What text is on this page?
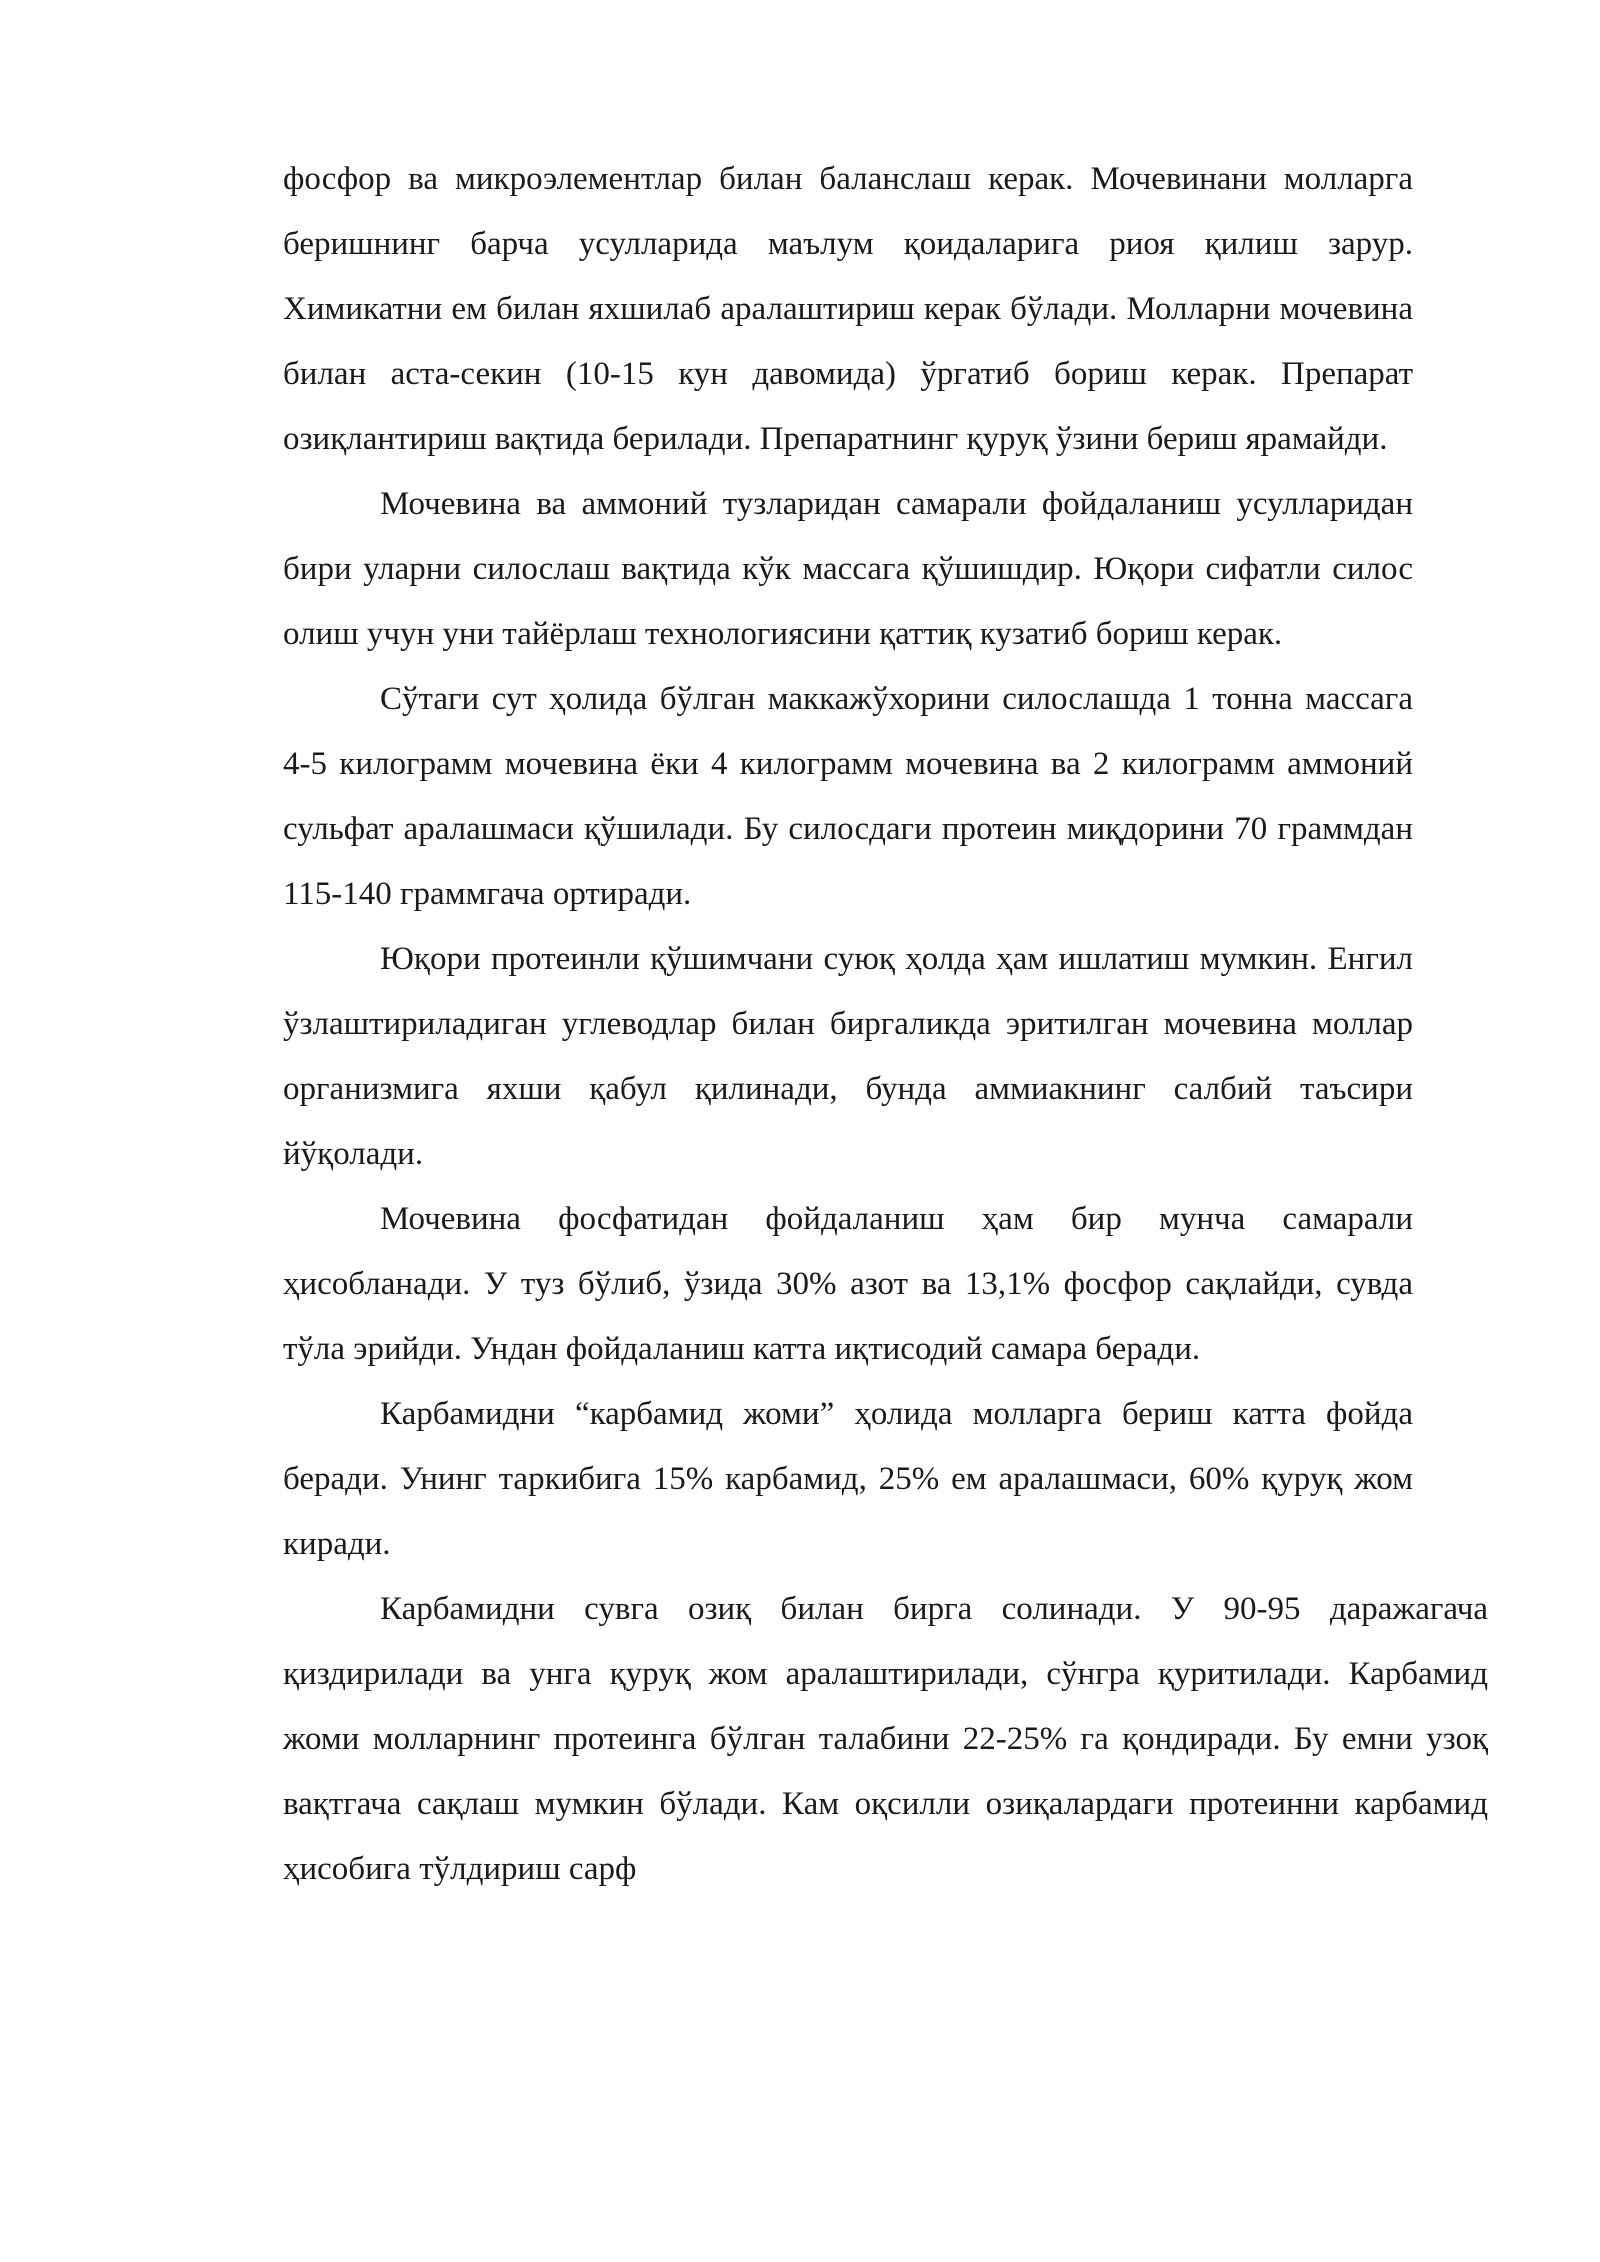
фосфор ва микроэлементлар билан баланслаш керак. Мочевинани молларга беришнинг барча усулларида маълум қоидаларига риоя қилиш зарур. Химикатни ем билан яхшилаб аралаштириш керак бўлади. Молларни мочевина билан аста-секин (10-15 кун давомида) ўргатиб бориш керак. Препарат озиқлантириш вақтида берилади. Препаратнинг қуруқ ўзини бериш ярамайди.

Мочевина ва аммоний тузларидан самарали фойдаланиш усулларидан бири уларни силослаш вақтида кўк массага қўшишдир. Юқори сифатли силос олиш учун уни тайёрлаш технологиясини қаттиқ кузатиб бориш керак.

Сўтаги сут ҳолида бўлган маккажўхорини силослашда 1 тонна массага 4-5 килограмм мочевина ёки 4 килограмм мочевина ва 2 килограмм аммоний сульфат аралашмаси қўшилади. Бу силосдаги протеин миқдорини 70 граммдан 115-140 граммгача ортиради.

Юқори протеинли қўшимчани суюқ ҳолда ҳам ишлатиш мумкин. Енгил ўзлаштириладиган углеводлар билан биргаликда эритилган мочевина моллар организмига яхши қабул қилинади, бунда аммиакнинг салбий таъсири йўқолади.

Мочевина фосфатидан фойдаланиш ҳам бир мунча самарали ҳисобланади. У туз бўлиб, ўзида 30% азот ва 13,1% фосфор сақлайди, сувда тўла эрийди. Ундан фойдаланиш катта иқтисодий самара беради.

Карбамидни “карбамид жоми” ҳолида молларга бериш катта фойда беради. Унинг таркибига 15% карбамид, 25% ем аралашмаси, 60% қуруқ жом киради.

Карбамидни сувга озиқ билан бирга солинади. У 90-95 даражагача қиздирилади ва унга қуруқ жом аралаштирилади, сўнгра қуритилади. Карбамид жоми молларнинг протеинга бўлган талабини 22-25% га қондиради. Бу емни узоқ вақтгача сақлаш мумкин бўлади. Кам оқсилли озиқалардаги протеинни карбамид ҳисобига тўлдириш сарф
